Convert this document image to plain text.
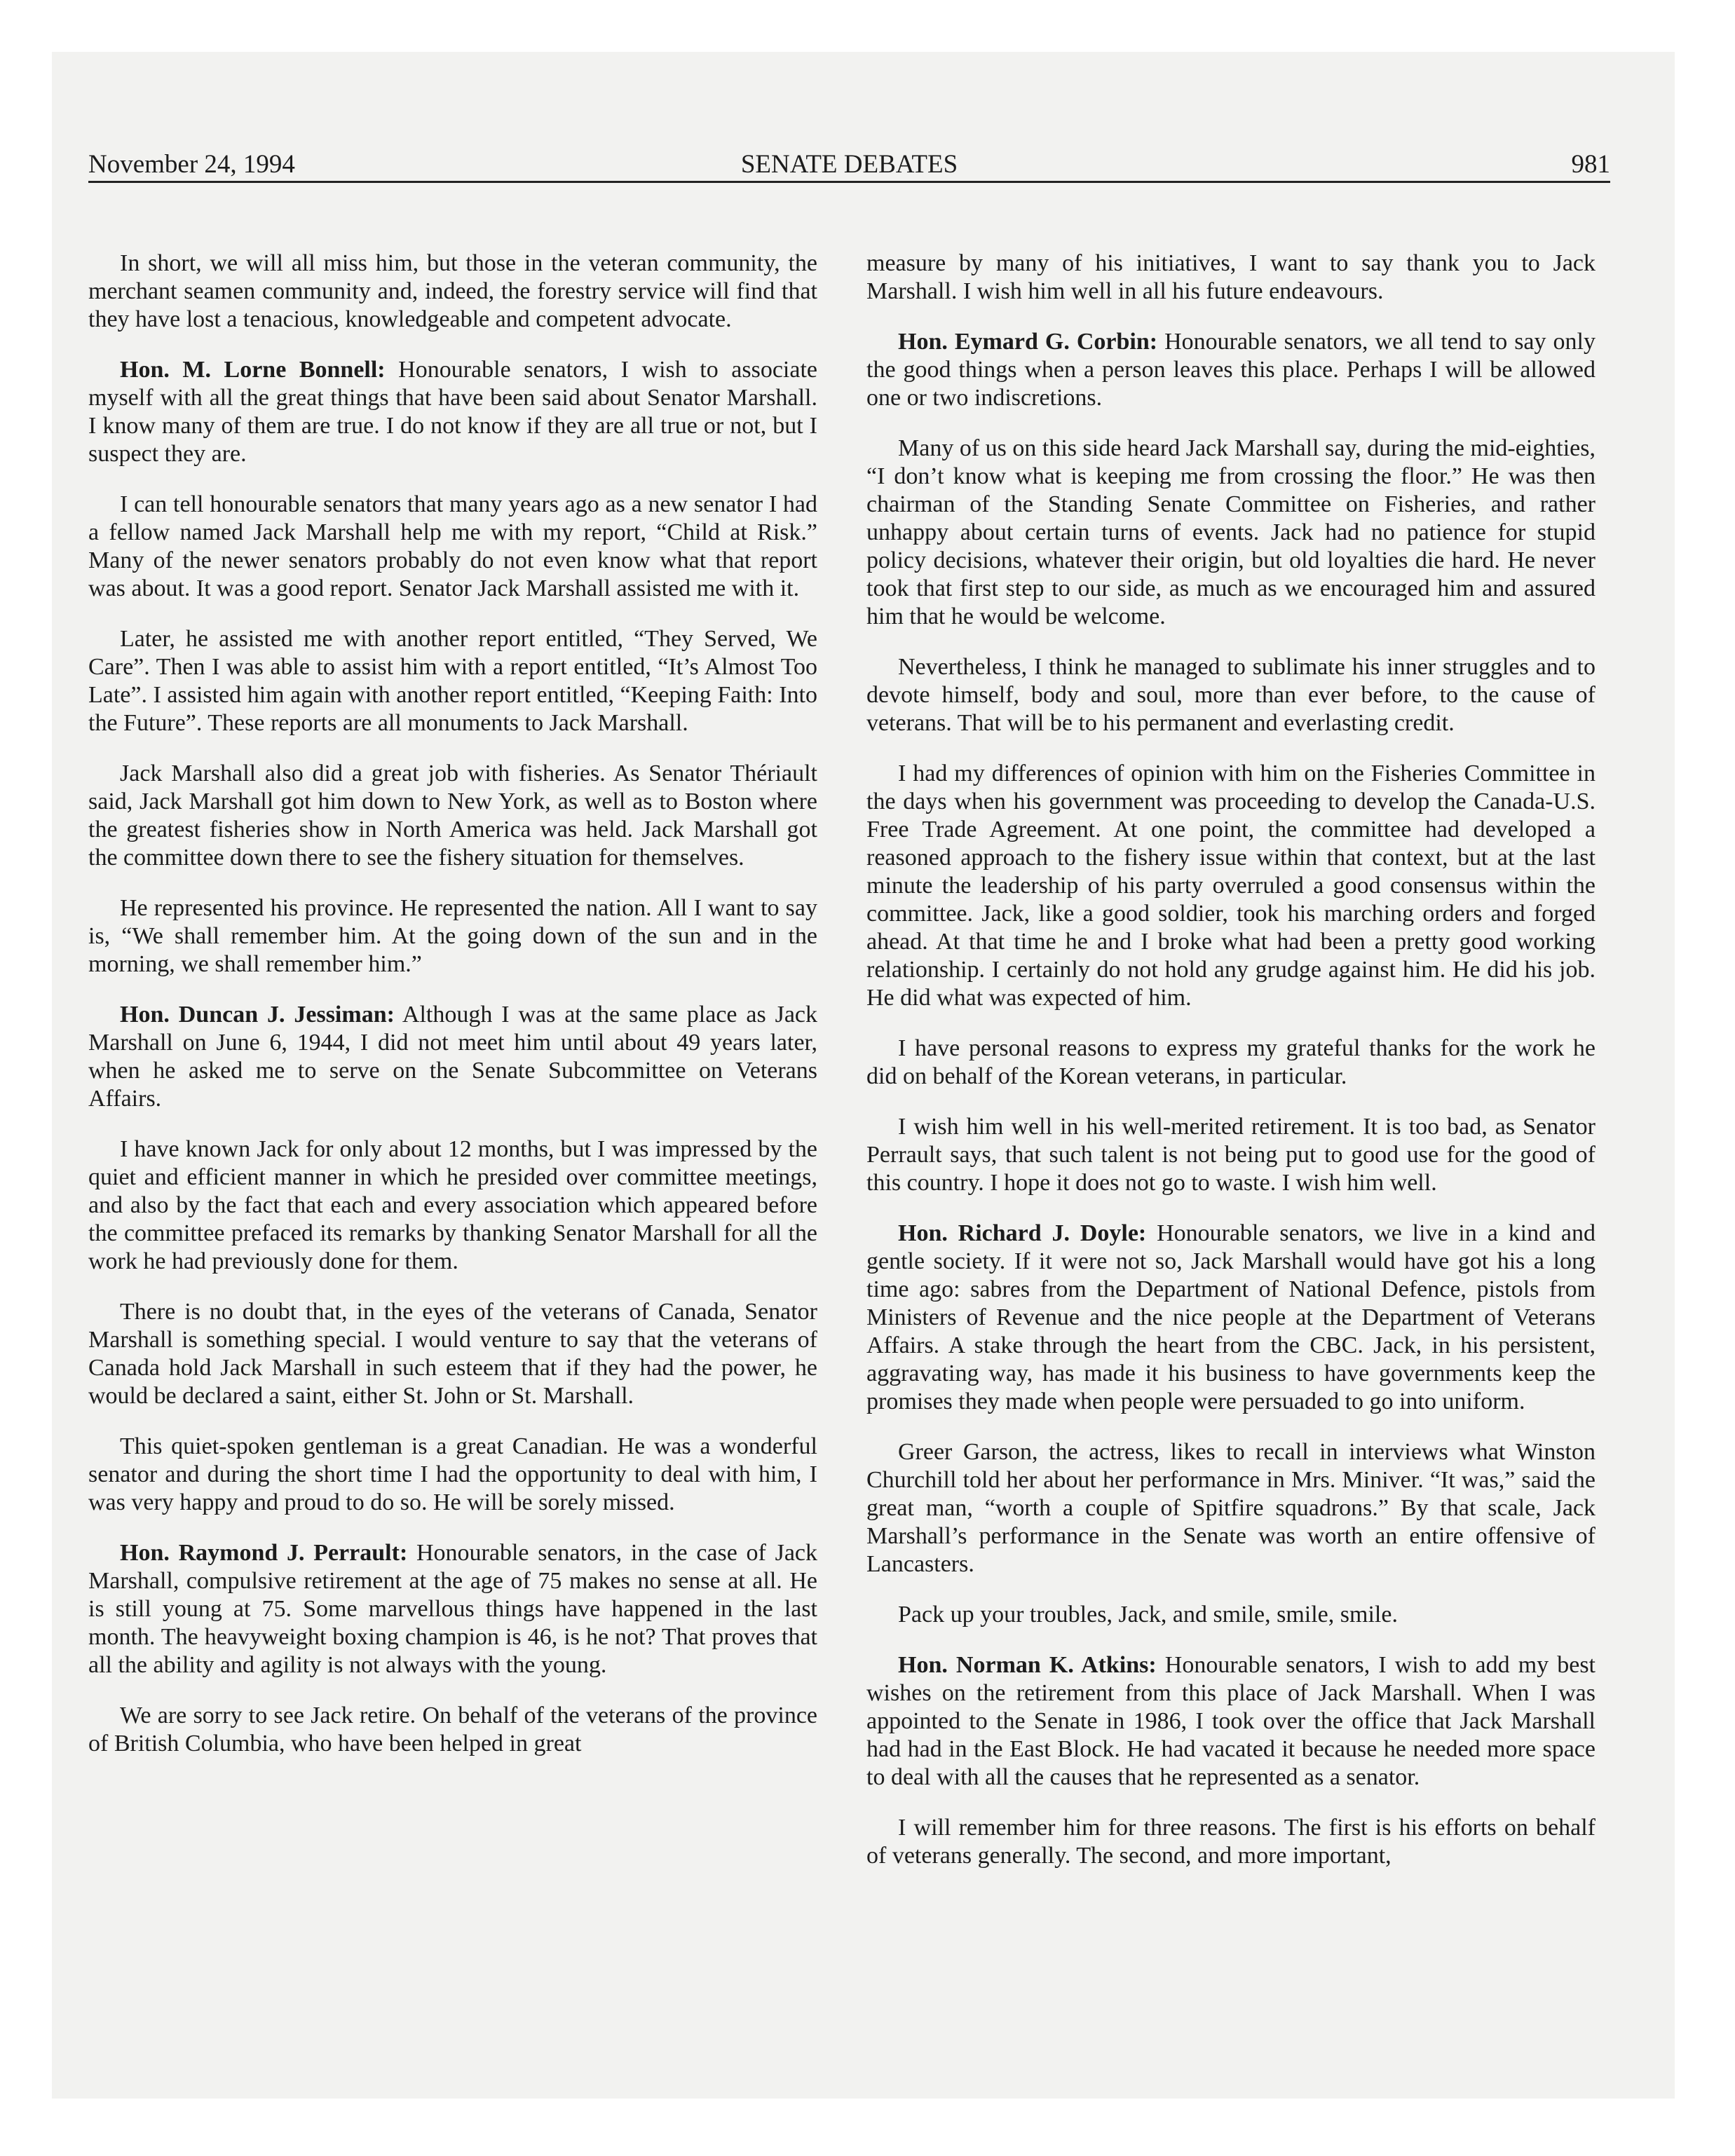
November 24, 1994	SENATE DEBATES	981

In short, we will all miss him, but those in the veteran community, the merchant seamen community and, indeed, the forestry service will find that they have lost a tenacious, knowledgeable and competent advocate.

Hon. M. Lorne Bonnell: Honourable senators, I wish to associate myself with all the great things that have been said about Senator Marshall. I know many of them are true. I do not know if they are all true or not, but I suspect they are.

I can tell honourable senators that many years ago as a new senator I had a fellow named Jack Marshall help me with my report, “Child at Risk.” Many of the newer senators probably do not even know what that report was about. It was a good report. Senator Jack Marshall assisted me with it.

Later, he assisted me with another report entitled, “They Served, We Care”. Then I was able to assist him with a report entitled, “It’s Almost Too Late”. I assisted him again with another report entitled, “Keeping Faith: Into the Future”. These reports are all monuments to Jack Marshall.

Jack Marshall also did a great job with fisheries. As Senator Thériault said, Jack Marshall got him down to New York, as well as to Boston where the greatest fisheries show in North America was held. Jack Marshall got the committee down there to see the fishery situation for themselves.

He represented his province. He represented the nation. All I want to say is, “We shall remember him. At the going down of the sun and in the morning, we shall remember him.”

Hon. Duncan J. Jessiman: Although I was at the same place as Jack Marshall on June 6, 1944, I did not meet him until about 49 years later, when he asked me to serve on the Senate Subcommittee on Veterans Affairs.

I have known Jack for only about 12 months, but I was impressed by the quiet and efficient manner in which he presided over committee meetings, and also by the fact that each and every association which appeared before the committee prefaced its remarks by thanking Senator Marshall for all the work he had previously done for them.

There is no doubt that, in the eyes of the veterans of Canada, Senator Marshall is something special. I would venture to say that the veterans of Canada hold Jack Marshall in such esteem that if they had the power, he would be declared a saint, either St. John or St. Marshall.

This quiet-spoken gentleman is a great Canadian. He was a wonderful senator and during the short time I had the opportunity to deal with him, I was very happy and proud to do so. He will be sorely missed.

Hon. Raymond J. Perrault: Honourable senators, in the case of Jack Marshall, compulsive retirement at the age of 75 makes no sense at all. He is still young at 75. Some marvellous things have happened in the last month. The heavyweight boxing champion is 46, is he not? That proves that all the ability and agility is not always with the young.

We are sorry to see Jack retire. On behalf of the veterans of the province of British Columbia, who have been helped in great

measure by many of his initiatives, I want to say thank you to Jack Marshall. I wish him well in all his future endeavours.

Hon. Eymard G. Corbin: Honourable senators, we all tend to say only the good things when a person leaves this place. Perhaps I will be allowed one or two indiscretions.

Many of us on this side heard Jack Marshall say, during the mid-eighties, “I don’t know what is keeping me from crossing the floor.” He was then chairman of the Standing Senate Committee on Fisheries, and rather unhappy about certain turns of events. Jack had no patience for stupid policy decisions, whatever their origin, but old loyalties die hard. He never took that first step to our side, as much as we encouraged him and assured him that he would be welcome.

Nevertheless, I think he managed to sublimate his inner struggles and to devote himself, body and soul, more than ever before, to the cause of veterans. That will be to his permanent and everlasting credit.

I had my differences of opinion with him on the Fisheries Committee in the days when his government was proceeding to develop the Canada-U.S. Free Trade Agreement. At one point, the committee had developed a reasoned approach to the fishery issue within that context, but at the last minute the leadership of his party overruled a good consensus within the committee. Jack, like a good soldier, took his marching orders and forged ahead. At that time he and I broke what had been a pretty good working relationship. I certainly do not hold any grudge against him. He did his job. He did what was expected of him.

I have personal reasons to express my grateful thanks for the work he did on behalf of the Korean veterans, in particular.

I wish him well in his well-merited retirement. It is too bad, as Senator Perrault says, that such talent is not being put to good use for the good of this country. I hope it does not go to waste. I wish him well.

Hon. Richard J. Doyle: Honourable senators, we live in a kind and gentle society. If it were not so, Jack Marshall would have got his a long time ago: sabres from the Department of National Defence, pistols from Ministers of Revenue and the nice people at the Department of Veterans Affairs. A stake through the heart from the CBC. Jack, in his persistent, aggravating way, has made it his business to have governments keep the promises they made when people were persuaded to go into uniform.

Greer Garson, the actress, likes to recall in interviews what Winston Churchill told her about her performance in Mrs. Miniver. “It was,” said the great man, “worth a couple of Spitfire squadrons.” By that scale, Jack Marshall’s performance in the Senate was worth an entire offensive of Lancasters.

Pack up your troubles, Jack, and smile, smile, smile.

Hon. Norman K. Atkins: Honourable senators, I wish to add my best wishes on the retirement from this place of Jack Marshall. When I was appointed to the Senate in 1986, I took over the office that Jack Marshall had had in the East Block. He had vacated it because he needed more space to deal with all the causes that he represented as a senator.

I will remember him for three reasons. The first is his efforts on behalf of veterans generally. The second, and more important,
